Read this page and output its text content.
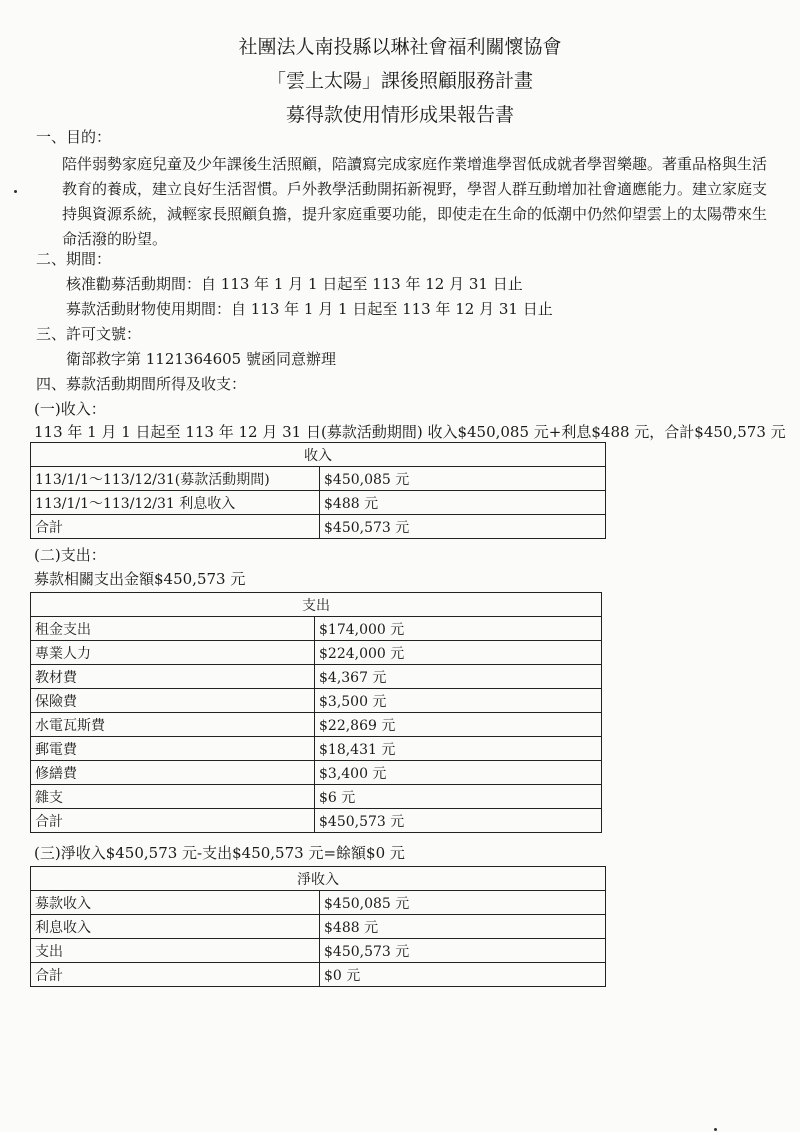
社團法人南投縣以琳社會福利關懷協會
「雲上太陽」課後照顧服務計畫
募得款使用情形成果報告書
一、目的：
陪伴弱勢家庭兒童及少年課後生活照顧，陪讀寫完成家庭作業增進學習低成就者學習樂趣。著重品格與生活教育的養成，建立良好生活習慣。戶外教學活動開拓新視野，學習人群互動增加社會適應能力。建立家庭支持與資源系統，減輕家長照顧負擔，提升家庭重要功能，即使走在生命的低潮中仍然仰望雲上的太陽帶來生命活潑的盼望。
二、期間：
核准勸募活動期間：自 113 年 1 月 1 日起至 113 年 12 月 31 日止
募款活動財物使用期間：自 113 年 1 月 1 日起至 113 年 12 月 31 日止
三、許可文號：
衛部救字第 1121364605 號函同意辦理
四、募款活動期間所得及收支：
(一)收入：
113 年 1 月 1 日起至 113 年 12 月 31 日(募款活動期間) 收入$450,085 元+利息$488 元，合計$450,573 元
收入	
113/1/1～113/12/31(募款活動期間)	$450,085 元
113/1/1～113/12/31 利息收入	$488 元
合計	$450,573 元
(二)支出：
募款相關支出金額$450,573 元
支出	
租金支出	$174,000 元
專業人力	$224,000 元
教材費	$4,367 元
保險費	$3,500 元
水電瓦斯費	$22,869 元
郵電費	$18,431 元
修繕費	$3,400 元
雜支	$6 元
合計	$450,573 元
(三)淨收入$450,573 元-支出$450,573 元=餘額$0 元
淨收入	
募款收入	$450,085 元
利息收入	$488 元
支出	$450,573 元
合計	$0 元
